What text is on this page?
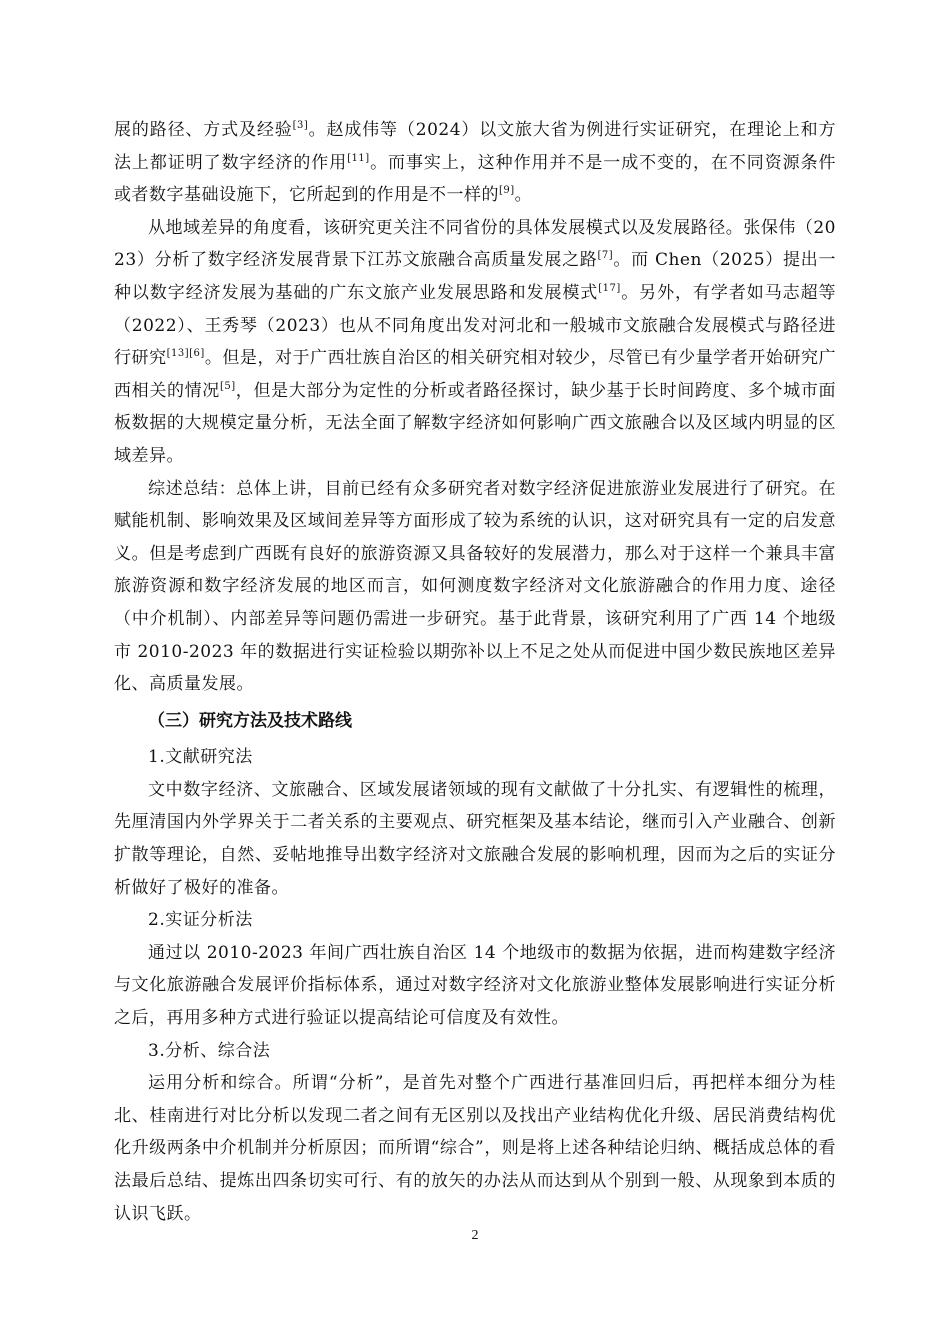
展的路径、方式及经验[3]。赵成伟等（2024）以文旅大省为例进行实证研究，在理论上和方法上都证明了数字经济的作用[11]。而事实上，这种作用并不是一成不变的，在不同资源条件或者数字基础设施下，它所起到的作用是不一样的[9]。

从地域差异的角度看，该研究更关注不同省份的具体发展模式以及发展路径。张保伟（2023）分析了数字经济发展背景下江苏文旅融合高质量发展之路[7]。而 Chen（2025）提出一种以数字经济发展为基础的广东文旅产业发展思路和发展模式[17]。另外，有学者如马志超等（2022）、王秀琴（2023）也从不同角度出发对河北和一般城市文旅融合发展模式与路径进行研究[13][6]。但是，对于广西壮族自治区的相关研究相对较少，尽管已有少量学者开始研究广西相关的情况[5]，但是大部分为定性的分析或者路径探讨，缺少基于长时间跨度、多个城市面板数据的大规模定量分析，无法全面了解数字经济如何影响广西文旅融合以及区域内明显的区域差异。

综述总结：总体上讲，目前已经有众多研究者对数字经济促进旅游业发展进行了研究。在赋能机制、影响效果及区域间差异等方面形成了较为系统的认识，这对研究具有一定的启发意义。但是考虑到广西既有良好的旅游资源又具备较好的发展潜力，那么对于这样一个兼具丰富旅游资源和数字经济发展的地区而言，如何测度数字经济对文化旅游融合的作用力度、途径（中介机制）、内部差异等问题仍需进一步研究。基于此背景，该研究利用了广西 14 个地级市 2010-2023 年的数据进行实证检验以期弥补以上不足之处从而促进中国少数民族地区差异化、高质量发展。

（三）研究方法及技术路线

1.文献研究法

文中数字经济、文旅融合、区域发展诸领域的现有文献做了十分扎实、有逻辑性的梳理，先厘清国内外学界关于二者关系的主要观点、研究框架及基本结论，继而引入产业融合、创新扩散等理论，自然、妥帖地推导出数字经济对文旅融合发展的影响机理，因而为之后的实证分析做好了极好的准备。

2.实证分析法

通过以 2010-2023 年间广西壮族自治区 14 个地级市的数据为依据，进而构建数字经济与文化旅游融合发展评价指标体系，通过对数字经济对文化旅游业整体发展影响进行实证分析之后，再用多种方式进行验证以提高结论可信度及有效性。

3.分析、综合法

运用分析和综合。所谓“分析”，是首先对整个广西进行基准回归后，再把样本细分为桂北、桂南进行对比分析以发现二者之间有无区别以及找出产业结构优化升级、居民消费结构优化升级两条中介机制并分析原因；而所谓“综合”，则是将上述各种结论归纳、概括成总体的看法最后总结、提炼出四条切实可行、有的放矢的办法从而达到从个别到一般、从现象到本质的认识飞跃。

2
